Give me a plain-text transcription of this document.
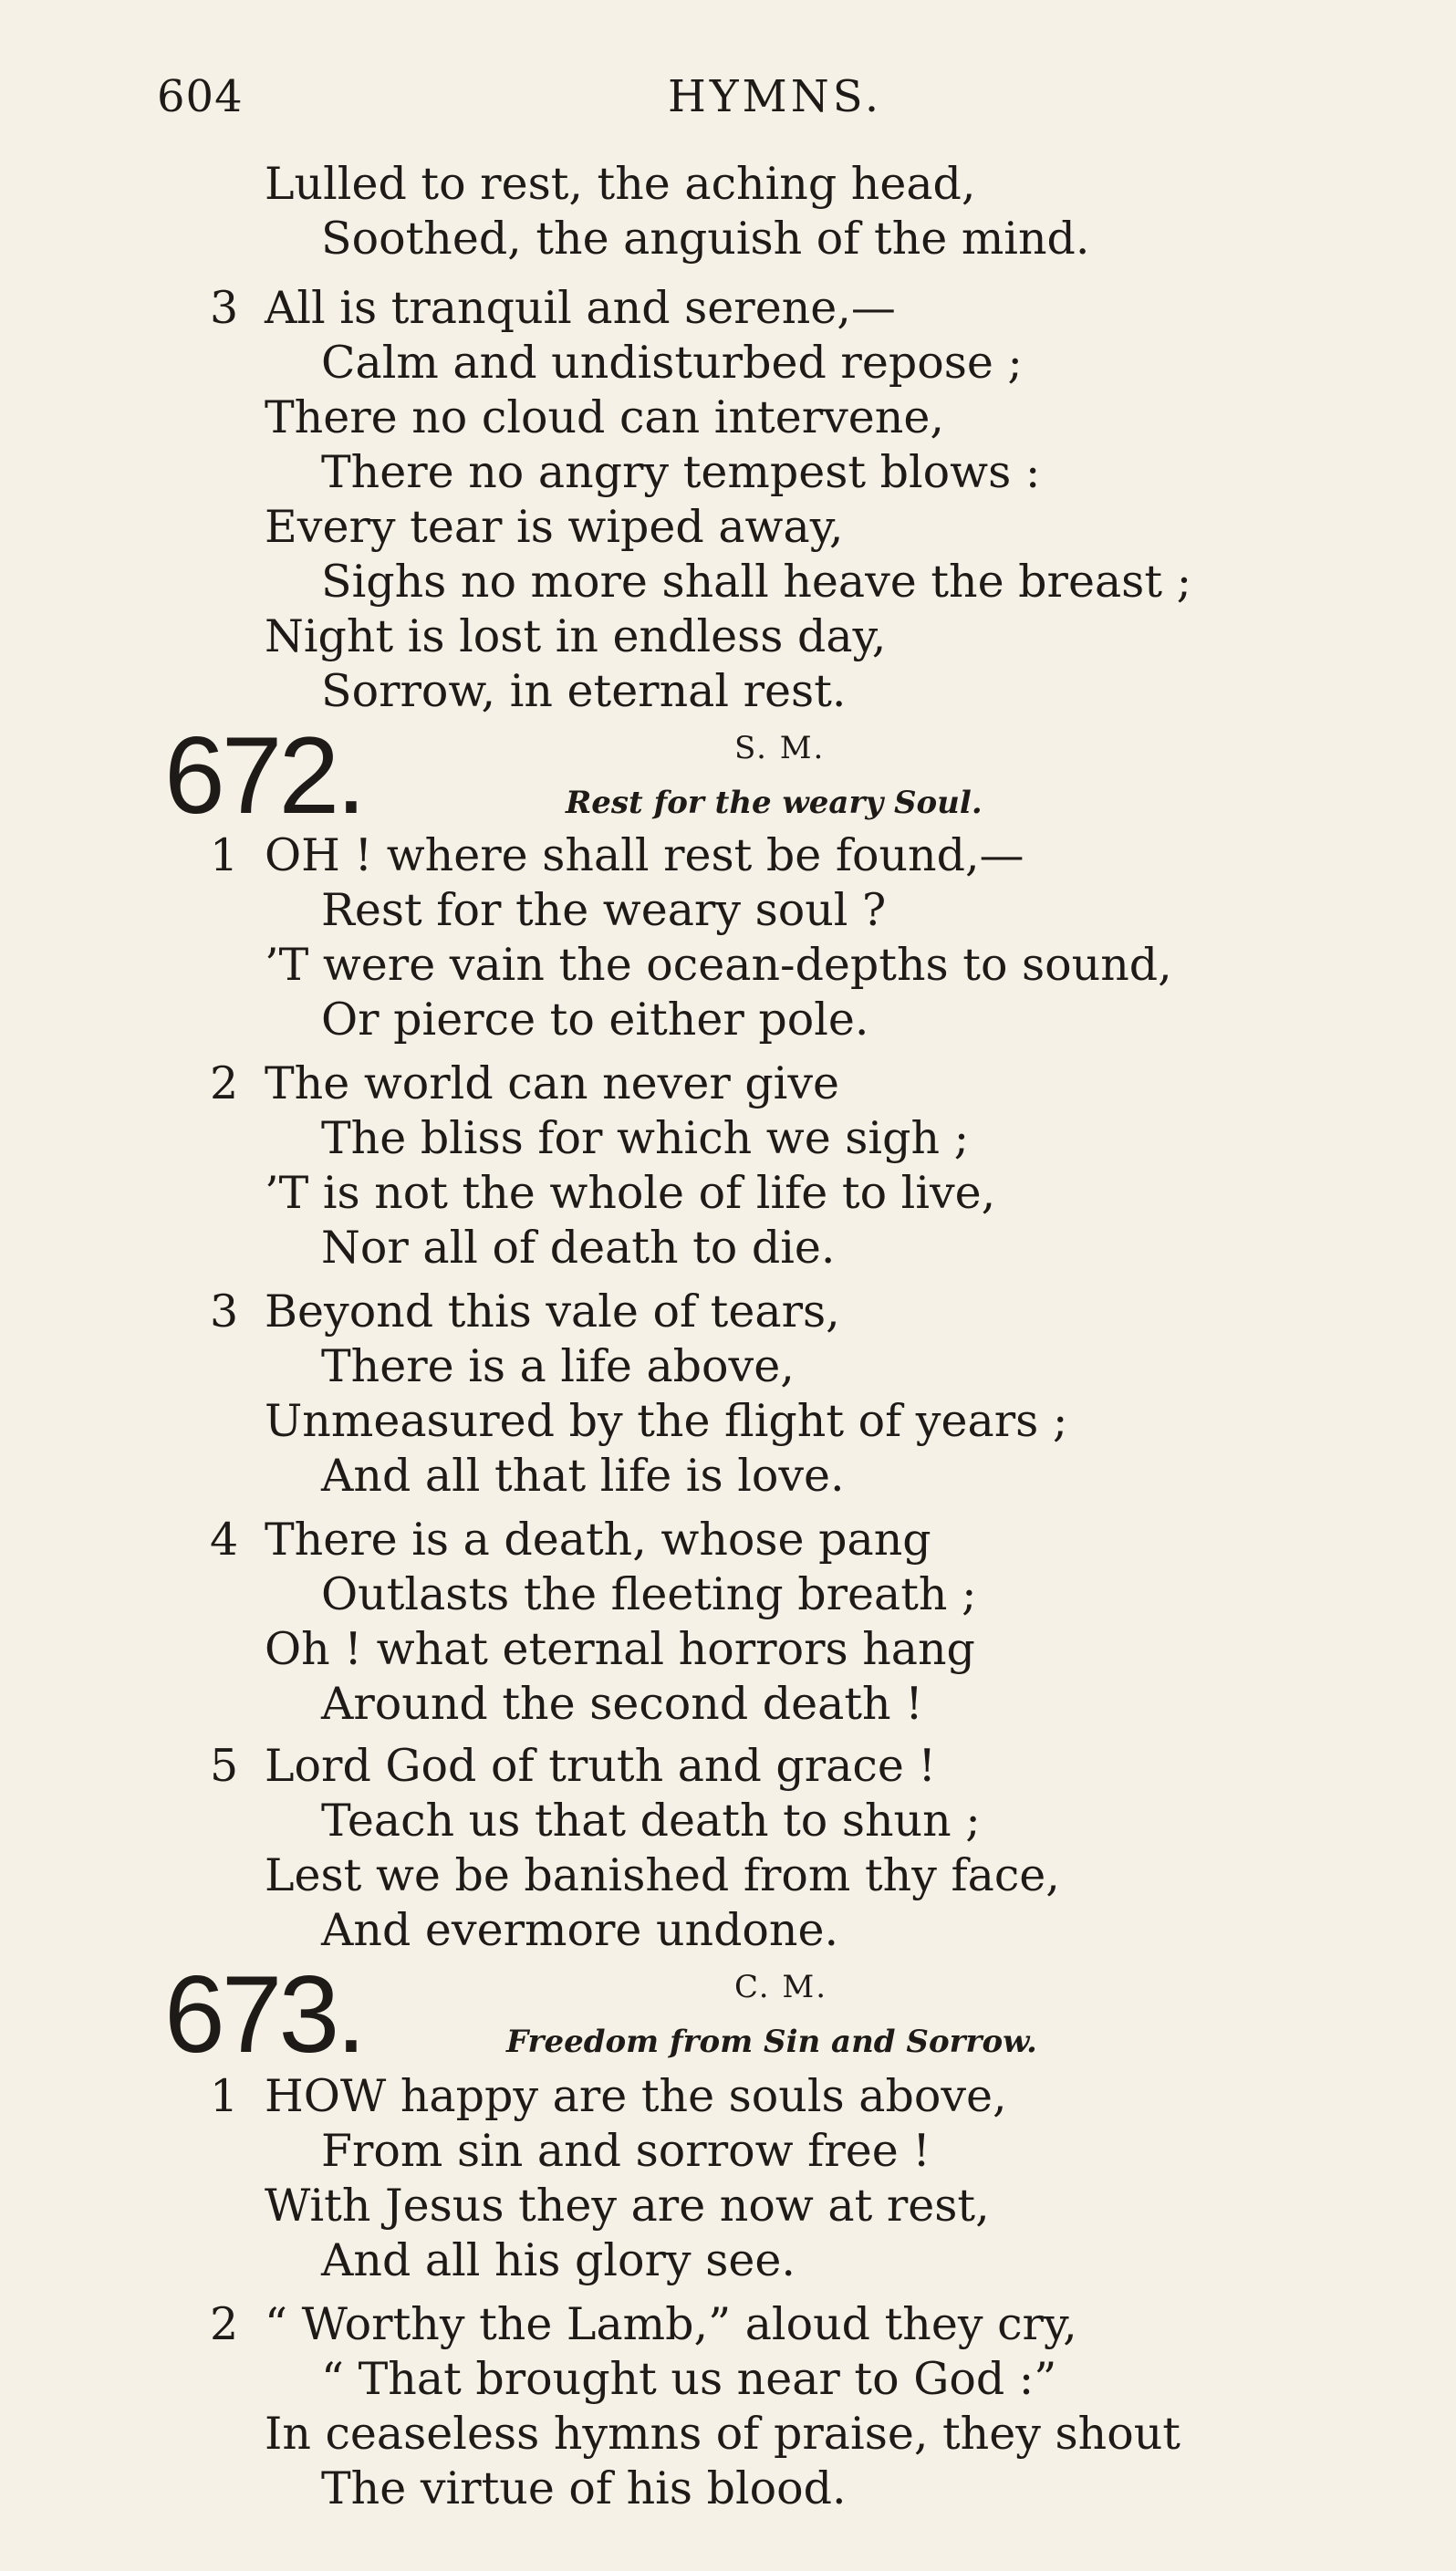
604	HYMNS.
Lulled to rest, the aching head,
Soothed, the anguish of the mind.
3 All is tranquil and serene,—
Calm and undisturbed repose ;
There no cloud can intervene,
There no angry tempest blows :
Every tear is wiped away,
Sighs no more shall heave the breast ;
Night is lost in endless day,
Sorrow, in eternal rest.
672.	S. M.
Rest for the weary Soul.
1 OH ! where shall rest be found,—
Rest for the weary soul ?
’T were vain the ocean-depths to sound,
Or pierce to either pole.
2 The world can never give
The bliss for which we sigh ;
’T is not the whole of life to live,
Nor all of death to die.
3 Beyond this vale of tears,
There is a life above,
Unmeasured by the flight of years ;
And all that life is love.
4 There is a death, whose pang
Outlasts the fleeting breath ;
Oh ! what eternal horrors hang
Around the second death !
5 Lord God of truth and grace !
Teach us that death to shun ;
Lest we be banished from thy face,
And evermore undone.
673.	C. M.
Freedom from Sin and Sorrow.
1 HOW happy are the souls above,
From sin and sorrow free !
With Jesus they are now at rest,
And all his glory see.
2 “ Worthy the Lamb,” aloud they cry,
“ That brought us near to God :”
In ceaseless hymns of praise, they shout
The virtue of his blood.
